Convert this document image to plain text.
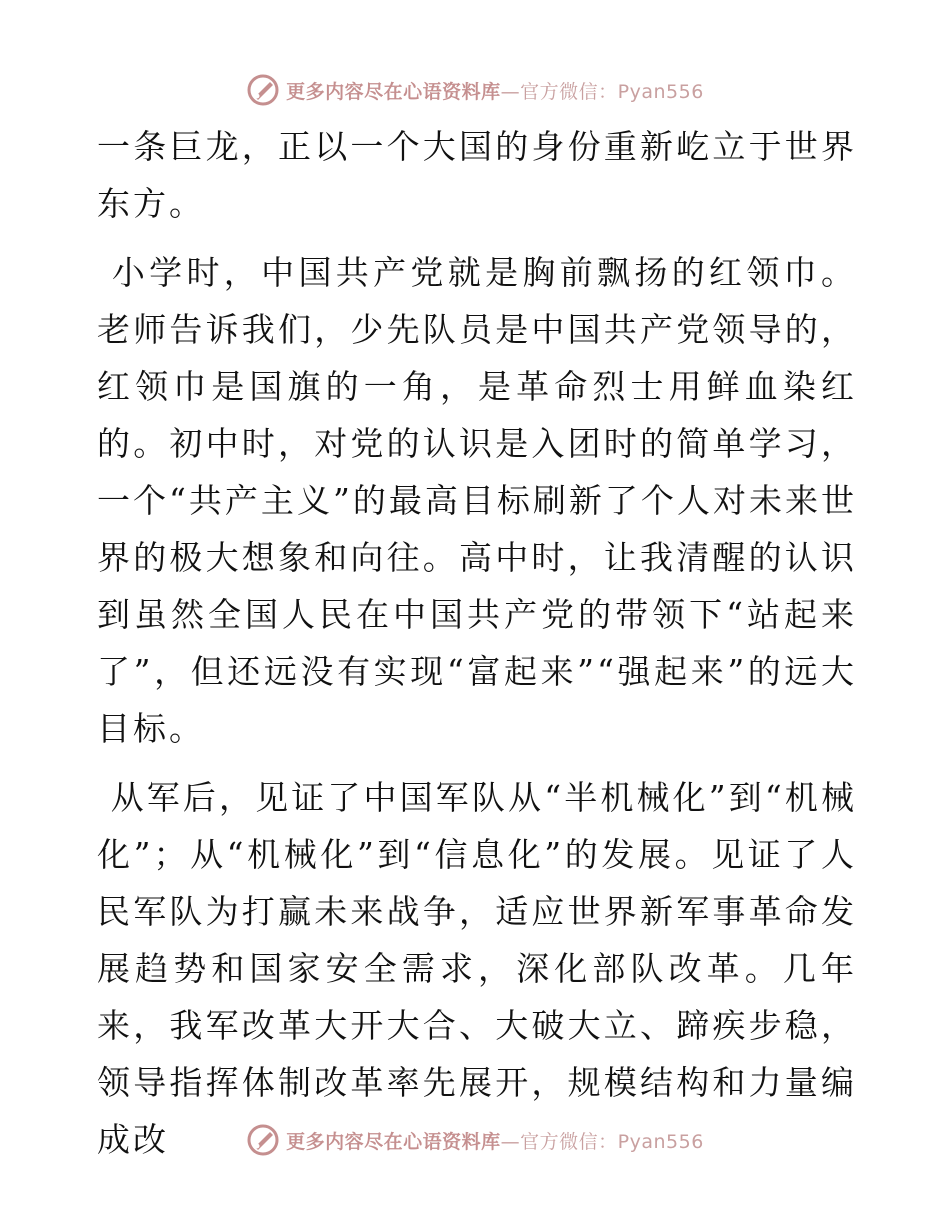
更多内容尽在心语资料库—官方微信：Pyan556

一条巨龙，正以一个大国的身份重新屹立于世界东方。

小学时，中国共产党就是胸前飘扬的红领巾。老师告诉我们，少先队员是中国共产党领导的，红领巾是国旗的一角，是革命烈士用鲜血染红的。初中时，对党的认识是入团时的简单学习，一个“共产主义”的最高目标刷新了个人对未来世界的极大想象和向往。高中时，让我清醒的认识到虽然全国人民在中国共产党的带领下“站起来了”，但还远没有实现“富起来”“强起来”的远大目标。

从军后，见证了中国军队从“半机械化”到“机械化”；从“机械化”到“信息化”的发展。见证了人民军队为打赢未来战争，适应世界新军事革命发展趋势和国家安全需求，深化部队改革。几年来，我军改革大开大合、大破大立、蹄疾步稳，领导指挥体制改革率先展开，规模结构和力量编成改	更多内容尽在心语资料库—官方微信：Pyan556
